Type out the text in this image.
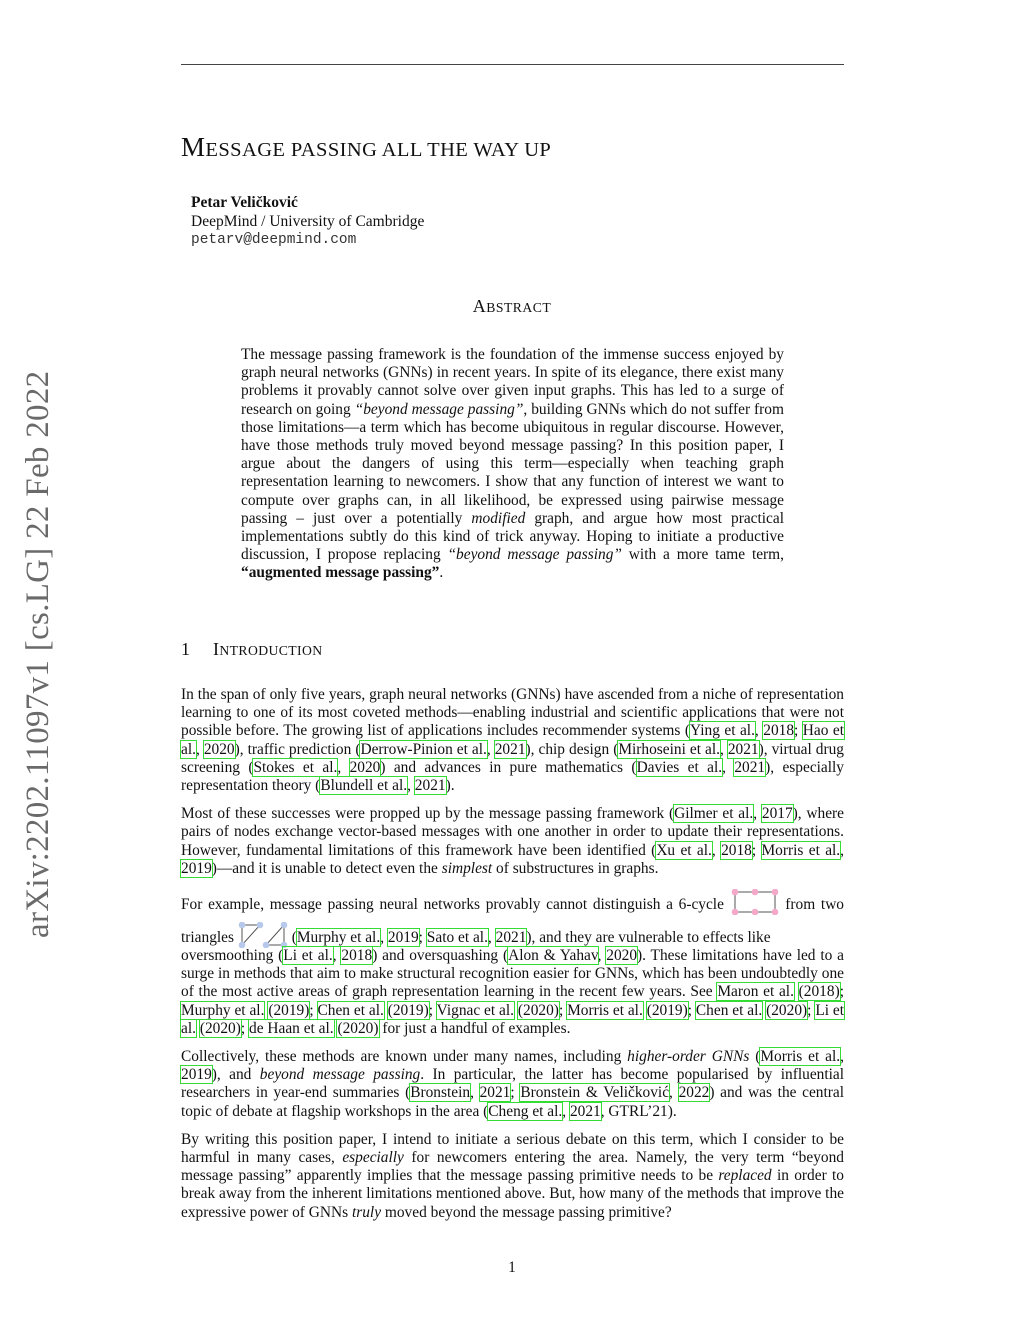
arXiv:2202.11097v1 [cs.LG] 22 Feb 2022
MESSAGE PASSING ALL THE WAY UP
Petar Veličković
DeepMind / University of Cambridge
petarv@deepmind.com
ABSTRACT

The message passing framework is the foundation of the immense success enjoyed by graph neural networks (GNNs) in recent years. In spite of its elegance, there exist many problems it provably cannot solve over given input graphs. This has led to a surge of research on going “beyond message passing”, building GNNs which do not suffer from those limitations—a term which has become ubiquitous in regular discourse. However, have those methods truly moved beyond message passing? In this position paper, I argue about the dangers of using this term—especially when teaching graph representation learning to newcomers. I show that any function of interest we want to compute over graphs can, in all likelihood, be expressed using pairwise message passing – just over a potentially modified graph, and argue how most practical implementations subtly do this kind of trick anyway. Hoping to initiate a productive discussion, I propose replacing “beyond message passing” with a more tame term, “augmented message passing”.

1 INTRODUCTION

In the span of only five years, graph neural networks (GNNs) have ascended from a niche of representation learning to one of its most coveted methods—enabling industrial and scientific applications that were not possible before. The growing list of applications includes recommender systems (Ying et al., 2018; Hao et al., 2020), traffic prediction (Derrow-Pinion et al., 2021), chip design (Mirhoseini et al., 2021), virtual drug screening (Stokes et al., 2020) and advances in pure mathematics (Davies et al., 2021), especially representation theory (Blundell et al., 2021).

Most of these successes were propped up by the message passing framework (Gilmer et al., 2017), where pairs of nodes exchange vector-based messages with one another in order to update their representations. However, fundamental limitations of this framework have been identified (Xu et al., 2018; Morris et al., 2019)—and it is unable to detect even the simplest of substructures in graphs.

For example, message passing neural networks provably cannot distinguish a 6-cycle	from two triangles	(Murphy et al., 2019; Sato et al., 2021), and they are vulnerable to effects like

oversmoothing (Li et al., 2018) and oversquashing (Alon & Yahav, 2020). These limitations have led to a surge in methods that aim to make structural recognition easier for GNNs, which has been undoubtedly one of the most active areas of graph representation learning in the recent few years. See Maron et al. (2018); Murphy et al. (2019); Chen et al. (2019); Vignac et al. (2020); Morris et al. (2019); Chen et al. (2020); Li et al. (2020); de Haan et al. (2020) for just a handful of examples.

Collectively, these methods are known under many names, including higher-order GNNs (Morris et al., 2019), and beyond message passing. In particular, the latter has become popularised by influential researchers in year-end summaries (Bronstein, 2021; Bronstein & Veličković, 2022) and was the central topic of debate at flagship workshops in the area (Cheng et al., 2021, GTRL’21).

By writing this position paper, I intend to initiate a serious debate on this term, which I consider to be harmful in many cases, especially for newcomers entering the area. Namely, the very term “beyond message passing” apparently implies that the message passing primitive needs to be replaced in order to break away from the inherent limitations mentioned above. But, how many of the methods that improve the expressive power of GNNs truly moved beyond the message passing primitive?

1
